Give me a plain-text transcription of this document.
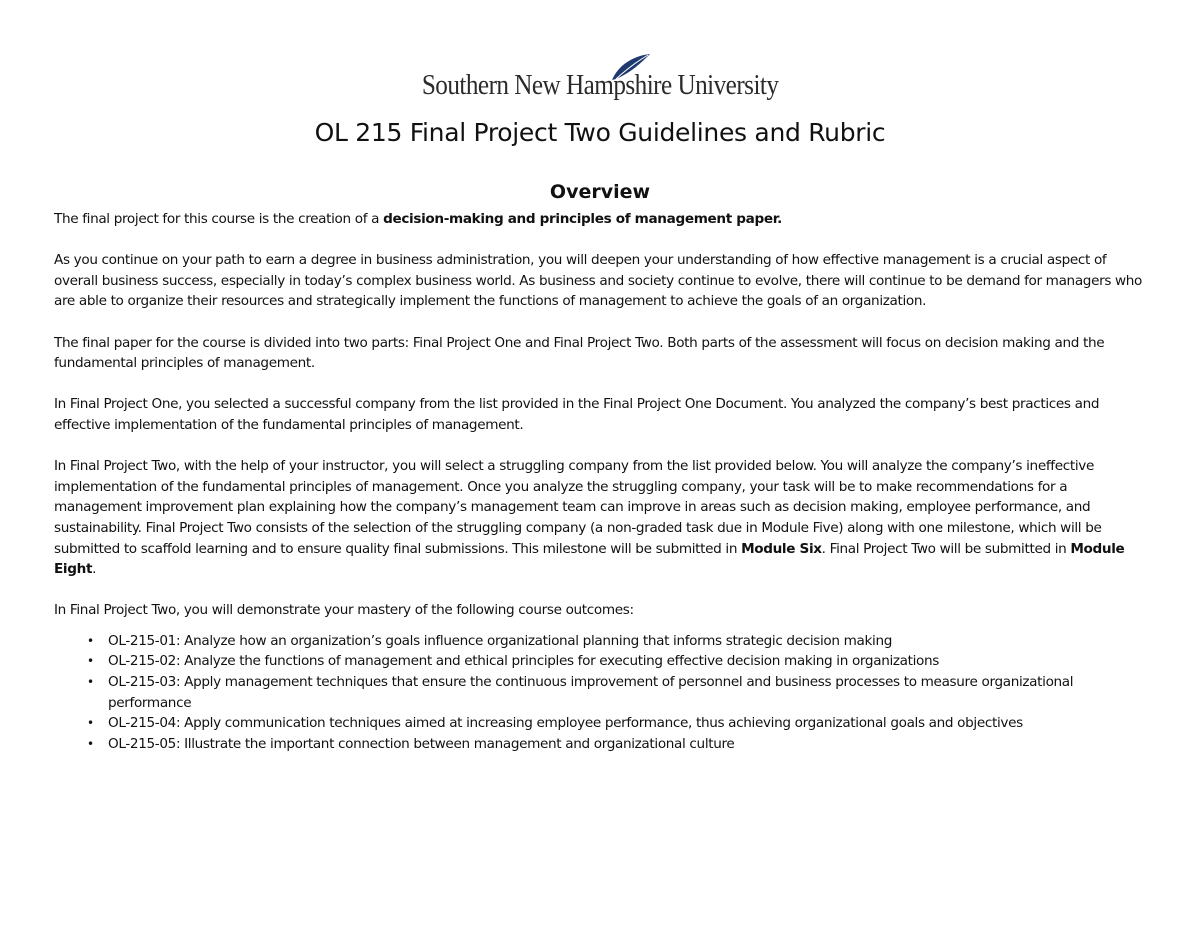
Southern New Hampshire University
OL 215 Final Project Two Guidelines and Rubric
Overview

The final project for this course is the creation of a decision-making and principles of management paper.

As you continue on your path to earn a degree in business administration, you will deepen your understanding of how effective management is a crucial aspect of overall business success, especially in today’s complex business world. As business and society continue to evolve, there will continue to be demand for managers who are able to organize their resources and strategically implement the functions of management to achieve the goals of an organization.

The final paper for the course is divided into two parts: Final Project One and Final Project Two. Both parts of the assessment will focus on decision making and the fundamental principles of management.

In Final Project One, you selected a successful company from the list provided in the Final Project One Document. You analyzed the company’s best practices and effective implementation of the fundamental principles of management.

In Final Project Two, with the help of your instructor, you will select a struggling company from the list provided below. You will analyze the company’s ineffective implementation of the fundamental principles of management. Once you analyze the struggling company, your task will be to make recommendations for a management improvement plan explaining how the company’s management team can improve in areas such as decision making, employee performance, and sustainability. Final Project Two consists of the selection of the struggling company (a non-graded task due in Module Five) along with one milestone, which will be submitted to scaffold learning and to ensure quality final submissions. This milestone will be submitted in Module Six. Final Project Two will be submitted in Module Eight.

In Final Project Two, you will demonstrate your mastery of the following course outcomes:

• OL-215-01: Analyze how an organization’s goals influence organizational planning that informs strategic decision making
• OL-215-02: Analyze the functions of management and ethical principles for executing effective decision making in organizations
• OL-215-03: Apply management techniques that ensure the continuous improvement of personnel and business processes to measure organizational performance
• OL-215-04: Apply communication techniques aimed at increasing employee performance, thus achieving organizational goals and objectives
• OL-215-05: Illustrate the important connection between management and organizational culture
